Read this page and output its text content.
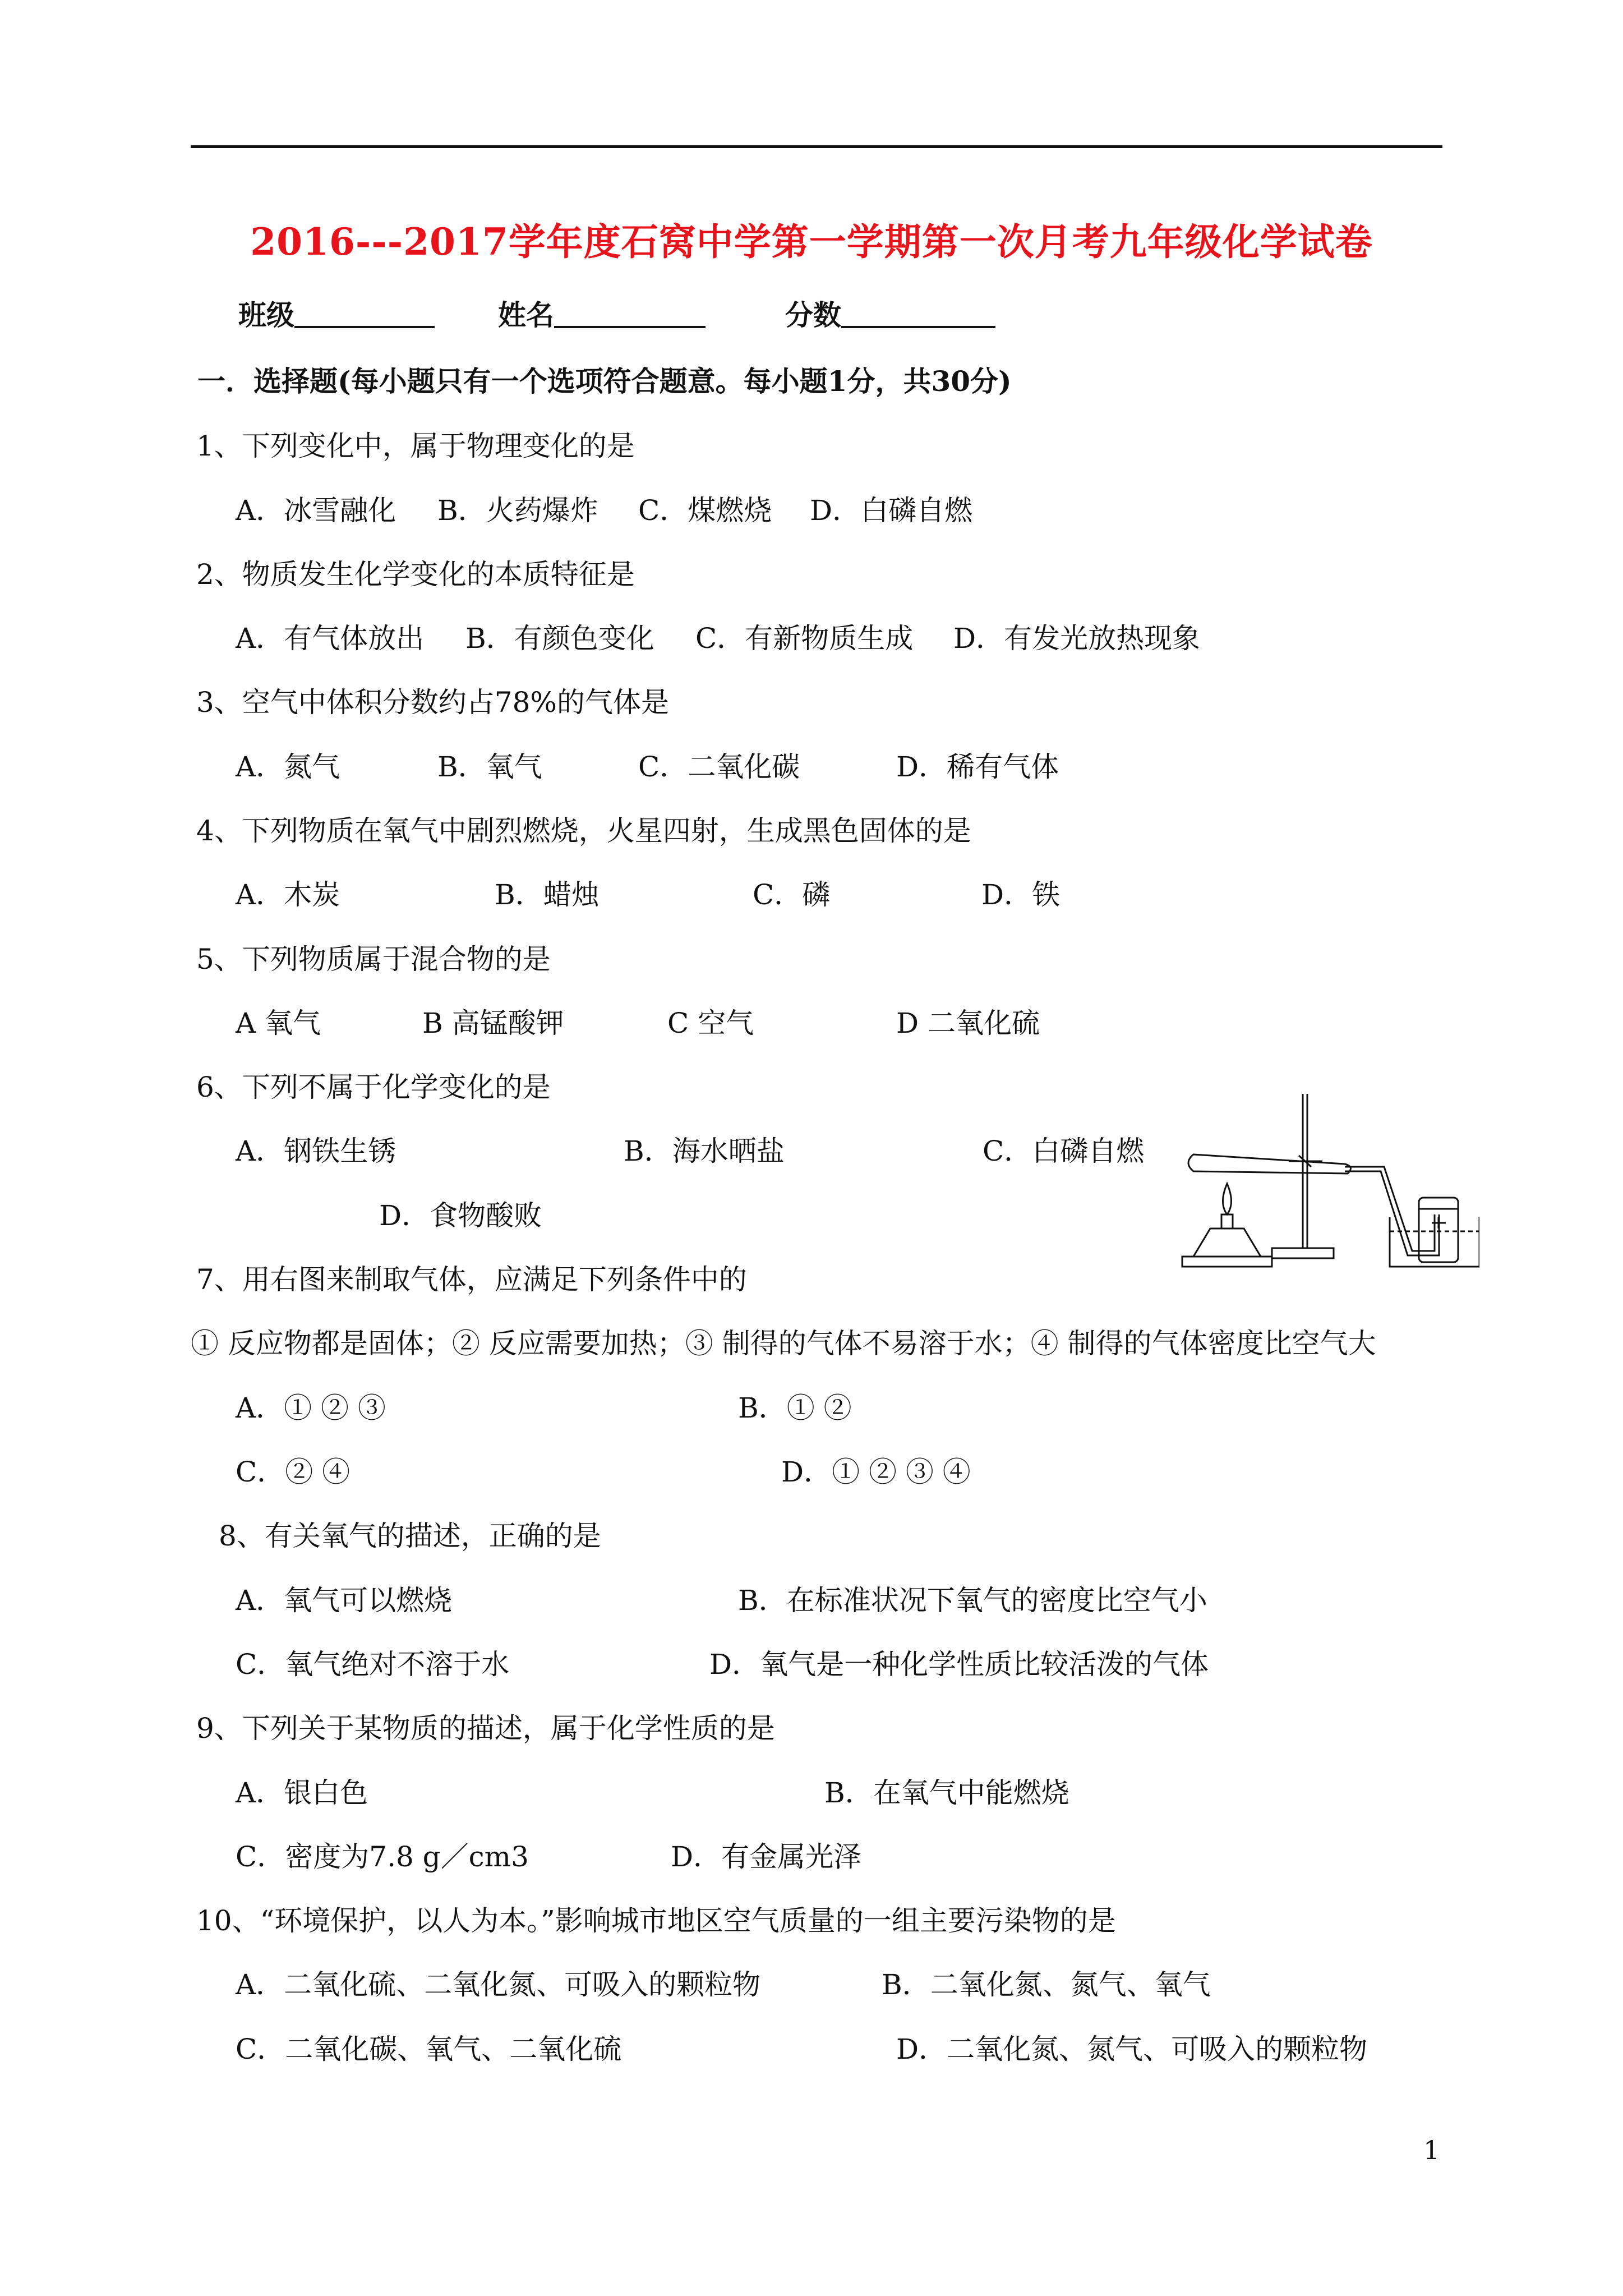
2016---2017学年度石窝中学第一学期第一次月考九年级化学试卷
班级	姓名	分数
一．选择题(每小题只有一个选项符合题意。每小题1分，共30分)
1、下列变化中，属于物理变化的是
A．冰雪融化 B．火药爆炸 C．煤燃烧 D．白磷自燃
2、物质发生化学变化的本质特征是
A．有气体放出 B．有颜色变化 C．有新物质生成 D．有发光放热现象
3、空气中体积分数约占78%的气体是
A．氮气	B．氧气	C．二氧化碳	D．稀有气体
4、下列物质在氧气中剧烈燃烧，火星四射，生成黑色固体的是
A．木炭	B．蜡烛	C．磷	D．铁
5、下列物质属于混合物的是
A 氧气	B 高锰酸钾	C 空气	D 二氧化硫
6、下列不属于化学变化的是
A．钢铁生锈	B．海水晒盐	C．白磷自燃
D．食物酸败
7、用右图来制取气体，应满足下列条件中的
① 反应物都是固体；② 反应需要加热；③ 制得的气体不易溶于水；④ 制得的气体密度比空气大
A．① ② ③	B．① ②
C．② ④	D．① ② ③ ④
8、有关氧气的描述，正确的是
A．氧气可以燃烧	B．在标准状况下氧气的密度比空气小
C．氧气绝对不溶于水	D．氧气是一种化学性质比较活泼的气体
9、下列关于某物质的描述，属于化学性质的是
A．银白色	B．在氧气中能燃烧
C．密度为7.8 g／cm3	D．有金属光泽
10、“环境保护，以人为本。”影响城市地区空气质量的一组主要污染物的是
A．二氧化硫、二氧化氮、可吸入的颗粒物	B．二氧化氮、氮气、氧气
C．二氧化碳、氧气、二氧化硫	D．二氧化氮、氮气、可吸入的颗粒物
1
